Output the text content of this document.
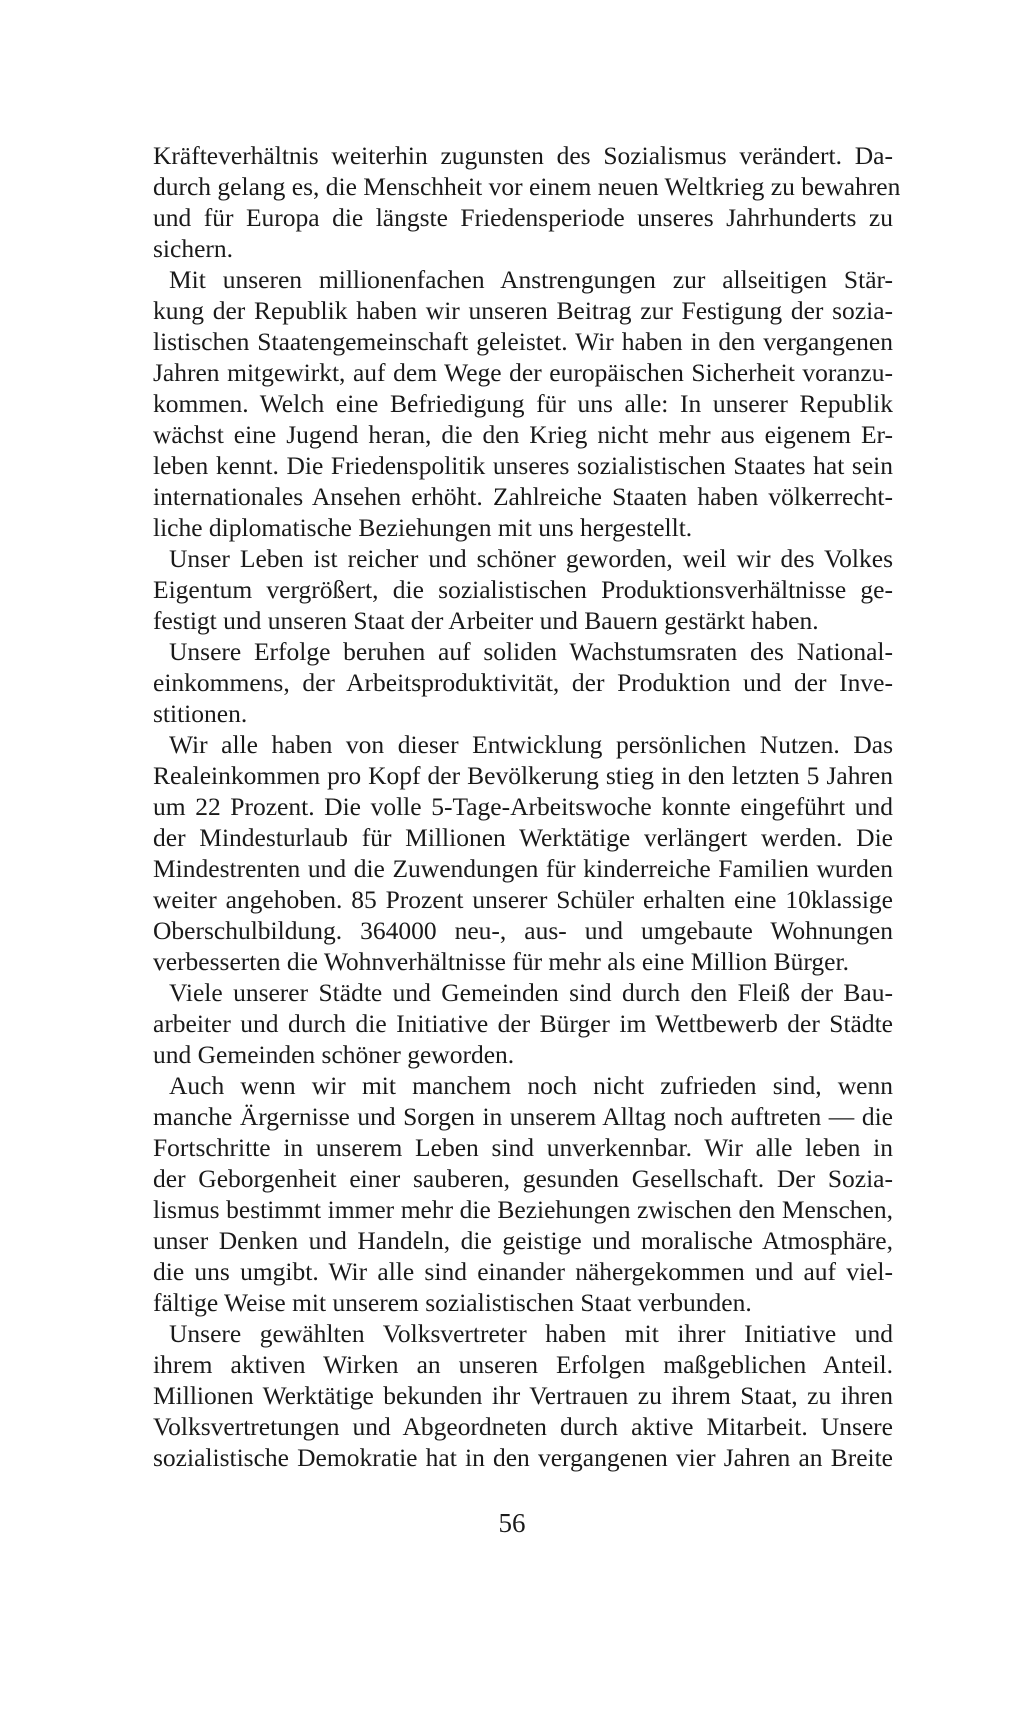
Kräfteverhältnis weiterhin zugunsten des Sozialismus verändert. Da-
durch gelang es, die Menschheit vor einem neuen Weltkrieg zu bewahren
und für Europa die längste Friedensperiode unseres Jahrhunderts zu
sichern.
Mit unseren millionenfachen Anstrengungen zur allseitigen Stär-
kung der Republik haben wir unseren Beitrag zur Festigung der sozia-
listischen Staatengemeinschaft geleistet. Wir haben in den vergangenen
Jahren mitgewirkt, auf dem Wege der europäischen Sicherheit voranzu-
kommen. Welch eine Befriedigung für uns alle: In unserer Republik
wächst eine Jugend heran, die den Krieg nicht mehr aus eigenem Er-
leben kennt. Die Friedenspolitik unseres sozialistischen Staates hat sein
internationales Ansehen erhöht. Zahlreiche Staaten haben völkerrecht-
liche diplomatische Beziehungen mit uns hergestellt.
Unser Leben ist reicher und schöner geworden, weil wir des Volkes
Eigentum vergrößert, die sozialistischen Produktionsverhältnisse ge-
festigt und unseren Staat der Arbeiter und Bauern gestärkt haben.
Unsere Erfolge beruhen auf soliden Wachstumsraten des National-
einkommens, der Arbeitsproduktivität, der Produktion und der Inve-
stitionen.
Wir alle haben von dieser Entwicklung persönlichen Nutzen. Das
Realeinkommen pro Kopf der Bevölkerung stieg in den letzten 5 Jahren
um 22 Prozent. Die volle 5-Tage-Arbeitswoche konnte eingeführt und
der Mindesturlaub für Millionen Werktätige verlängert werden. Die
Mindestrenten und die Zuwendungen für kinderreiche Familien wurden
weiter angehoben. 85 Prozent unserer Schüler erhalten eine 10klassige
Oberschulbildung. 364000 neu-, aus- und umgebaute Wohnungen
verbesserten die Wohnverhältnisse für mehr als eine Million Bürger.
Viele unserer Städte und Gemeinden sind durch den Fleiß der Bau-
arbeiter und durch die Initiative der Bürger im Wettbewerb der Städte
und Gemeinden schöner geworden.
Auch wenn wir mit manchem noch nicht zufrieden sind, wenn
manche Ärgernisse und Sorgen in unserem Alltag noch auftreten — die
Fortschritte in unserem Leben sind unverkennbar. Wir alle leben in
der Geborgenheit einer sauberen, gesunden Gesellschaft. Der Sozia-
lismus bestimmt immer mehr die Beziehungen zwischen den Menschen,
unser Denken und Handeln, die geistige und moralische Atmosphäre,
die uns umgibt. Wir alle sind einander nähergekommen und auf viel-
fältige Weise mit unserem sozialistischen Staat verbunden.
Unsere gewählten Volksvertreter haben mit ihrer Initiative und
ihrem aktiven Wirken an unseren Erfolgen maßgeblichen Anteil.
Millionen Werktätige bekunden ihr Vertrauen zu ihrem Staat, zu ihren
Volksvertretungen und Abgeordneten durch aktive Mitarbeit. Unsere
sozialistische Demokratie hat in den vergangenen vier Jahren an Breite
56
